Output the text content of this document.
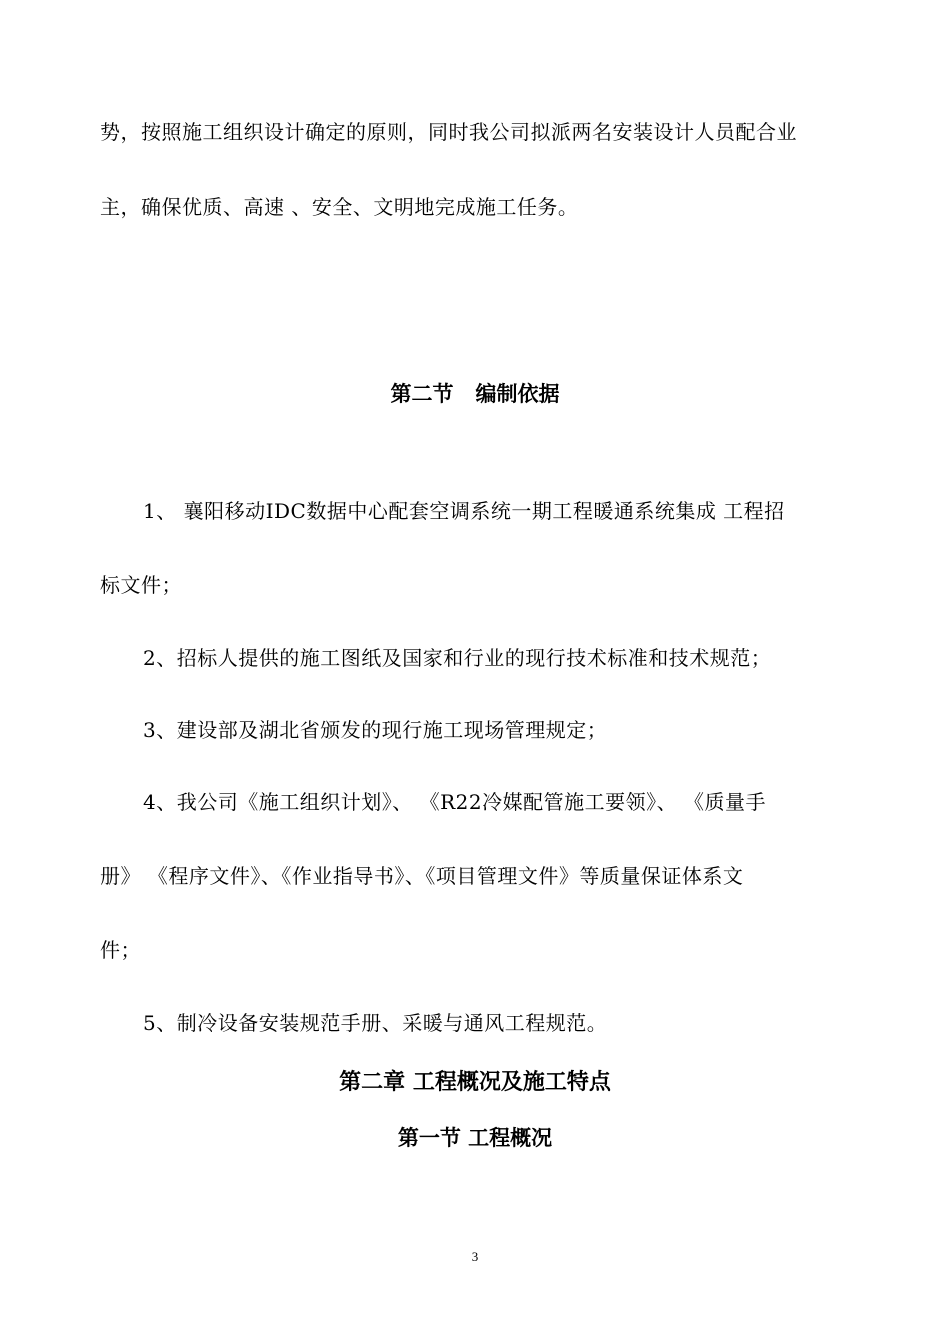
势，按照施工组织设计确定的原则，同时我公司拟派两名安装设计人员配合业
主，确保优质、高速 、安全、文明地完成施工任务。
第二节   编制依据
1、 襄阳移动IDC数据中心配套空调系统一期工程暖通系统集成 工程招
标文件；
2、招标人提供的施工图纸及国家和行业的现行技术标准和技术规范；
3、建设部及湖北省颁发的现行施工现场管理规定；
4、我公司《施工组织计划》、 《R22冷媒配管施工要领》、 《质量手
册》 《程序文件》、《作业指导书》、《项目管理文件》等质量保证体系文
件；
5、制冷设备安装规范手册、采暖与通风工程规范。
第二章 工程概况及施工特点
第一节 工程概况
3
